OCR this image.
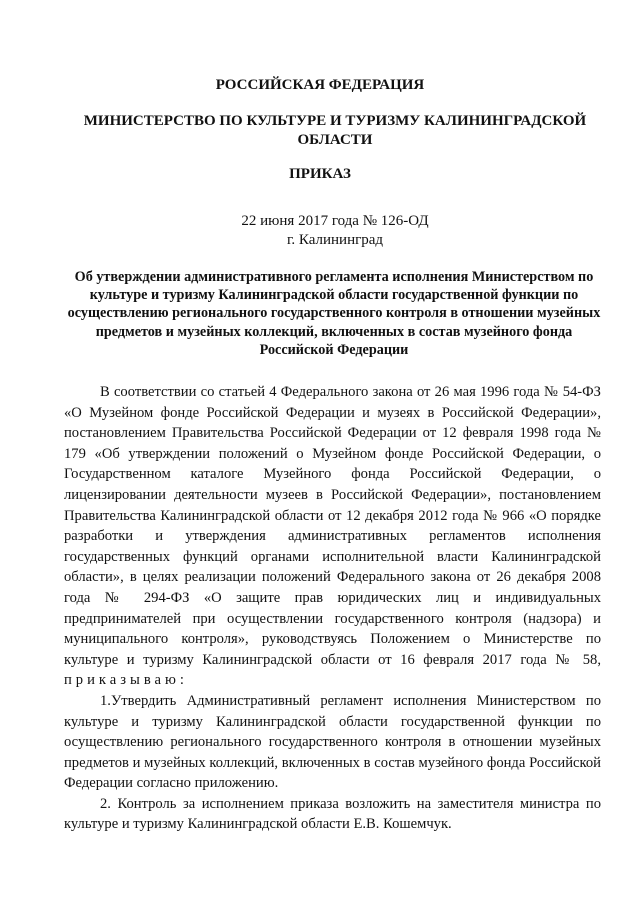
РОССИЙСКАЯ ФЕДЕРАЦИЯ
МИНИСТЕРСТВО ПО КУЛЬТУРЕ И ТУРИЗМУ КАЛИНИНГРАДСКОЙ ОБЛАСТИ
ПРИКАЗ
22 июня 2017 года № 126-ОД
г. Калининград
Об утверждении административного регламента исполнения Министерством по культуре и туризму Калининградской области государственной функции по осуществлению регионального государственного контроля в отношении музейных предметов и музейных коллекций, включенных в состав музейного фонда Российской Федерации

В соответствии со статьей 4 Федерального закона от 26 мая 1996 года № 54-ФЗ «О Музейном фонде Российской Федерации и музеях в Российской Федерации», постановлением Правительства Российской Федерации от 12 февраля 1998 года № 179 «Об утверждении положений о Музейном фонде Российской Федерации, о Государственном каталоге Музейного фонда Российской Федерации, о лицензировании деятельности музеев в Российской Федерации», постановлением Правительства Калининградской области от 12 декабря 2012 года № 966 «О порядке разработки и утверждения административных регламентов исполнения государственных функций органами исполнительной власти Калининградской области», в целях реализации положений Федерального закона от 26 декабря 2008 года № 294-ФЗ «О защите прав юридических лиц и индивидуальных предпринимателей при осуществлении государственного контроля (надзора) и муниципального контроля», руководствуясь Положением о Министерстве по культуре и туризму Калининградской области от 16 февраля 2017 года № 58, приказываю:

1.Утвердить Административный регламент исполнения Министерством по культуре и туризму Калининградской области государственной функции по осуществлению регионального государственного контроля в отношении музейных предметов и музейных коллекций, включенных в состав музейного фонда Российской Федерации согласно приложению.

2. Контроль за исполнением приказа возложить на заместителя министра по культуре и туризму Калининградской области Е.В. Кошемчук.
